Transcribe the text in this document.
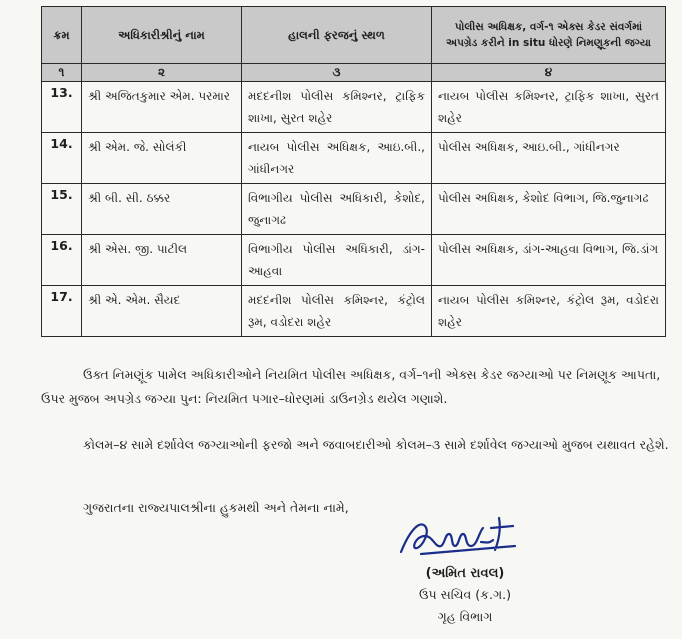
ક્રમ	અધિકારીશ્રીનું નામ	હાલની ફરજનું સ્થળ	પોલીસ અધિક્ષક, વર્ગ-૧ એક્સ કેડર સંવર્ગમાં અપગ્રેડ કરીને in situ ધોરણે નિમણૂકની જગ્યા
૧	૨	૩	૪
13.	શ્રી અજિતકુમાર એમ. પરમાર	મદદનીશ પોલીસ કમિશ્નર, ટ્રાફિક શાખા, સુરત શહેર	નાયબ પોલીસ કમિશ્નર, ટ્રાફિક શાખા, સુરત શહેર
14.	શ્રી એમ. જે. સોલંકી	નાયબ પોલીસ અધિક્ષક, આઇ.બી., ગાંધીનગર	પોલીસ અધિક્ષક, આઇ.બી., ગાંધીનગર
15.	શ્રી બી. સી. ઠક્કર	વિભાગીય પોલીસ અધિકારી, કેશોદ, જુનાગઢ	પોલીસ અધિક્ષક, કેશોદ વિભાગ, જિ.જુનાગઢ
16.	શ્રી એસ. જી. પાટીલ	વિભાગીય પોલીસ અધિકારી, ડાંગ-આહવા	પોલીસ અધિક્ષક, ડાંગ-આહવા વિભાગ, જિ.ડાંગ
17.	શ્રી એ. એમ. સૈયદ	મદદનીશ પોલીસ કમિશ્નર, કંટ્રોલ રૂમ, વડોદરા શહેર	નાયબ પોલીસ કમિશ્નર, કંટ્રોલ રૂમ, વડોદરા શહેર

ઉક્ત નિમણૂંક પામેલ અધિકારીઓને નિયમિત પોલીસ અધિક્ષક, વર્ગ–૧ની એક્સ કેડર જગ્યાઓ પર નિમણૂક આપતા, ઉપર મુજબ અપગ્રેડ જગ્યા પુન: નિયમિત પગાર–ધોરણમાં ડાઉનગ્રેડ થયેલ ગણાશે.

કોલમ–૪ સામે દર્શાવેલ જગ્યાઓની ફરજો અને જવાબદારીઓ કોલમ–૩ સામે દર્શાવેલ જગ્યાઓ મુજબ યથાવત રહેશે.

ગુજરાતના રાજ્યપાલશ્રીના હુકમથી અને તેમના નામે,

(અમિત રાવલ)
ઉપ સચિવ (ક.ગ.)
ગૃહ વિભાગ
